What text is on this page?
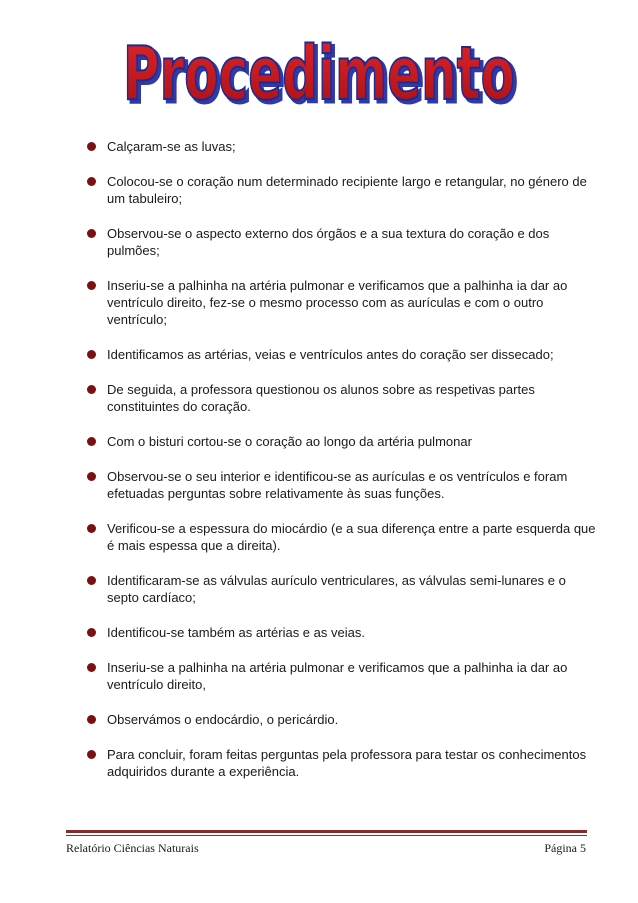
Procedimento
Procedimento
Calçaram-se as luvas;
Colocou-se o coração num determinado recipiente largo e retangular, no género de um tabuleiro;
Observou-se o aspecto externo dos órgãos e a sua textura do coração e dos pulmões;
Inseriu-se a palhinha na artéria pulmonar e verificamos que a palhinha ia dar ao ventrículo direito, fez-se o mesmo processo com as aurículas e com o outro ventrículo;
Identificamos as artérias, veias e ventrículos antes do coração ser dissecado;
De seguida, a professora questionou os alunos sobre as respetivas partes constituintes do coração.
Com o bisturi cortou-se o coração ao longo da artéria pulmonar
Observou-se o seu interior e identificou-se as aurículas e os ventrículos e foram efetuadas perguntas sobre relativamente às suas funções.
Verificou-se a espessura do miocárdio (e a sua diferença entre a parte esquerda que é mais espessa que a direita).
Identificaram-se as válvulas aurículo ventriculares, as válvulas semi-lunares e o septo cardíaco;
Identificou-se também as artérias e as veias.
Inseriu-se a palhinha na artéria pulmonar e verificamos que a palhinha ia dar ao ventrículo direito,
Observámos o endocárdio, o pericárdio.
Para concluir, foram feitas perguntas pela professora para testar os conhecimentos adquiridos durante a experiência.
Relatório Ciências Naturais	Página 5
